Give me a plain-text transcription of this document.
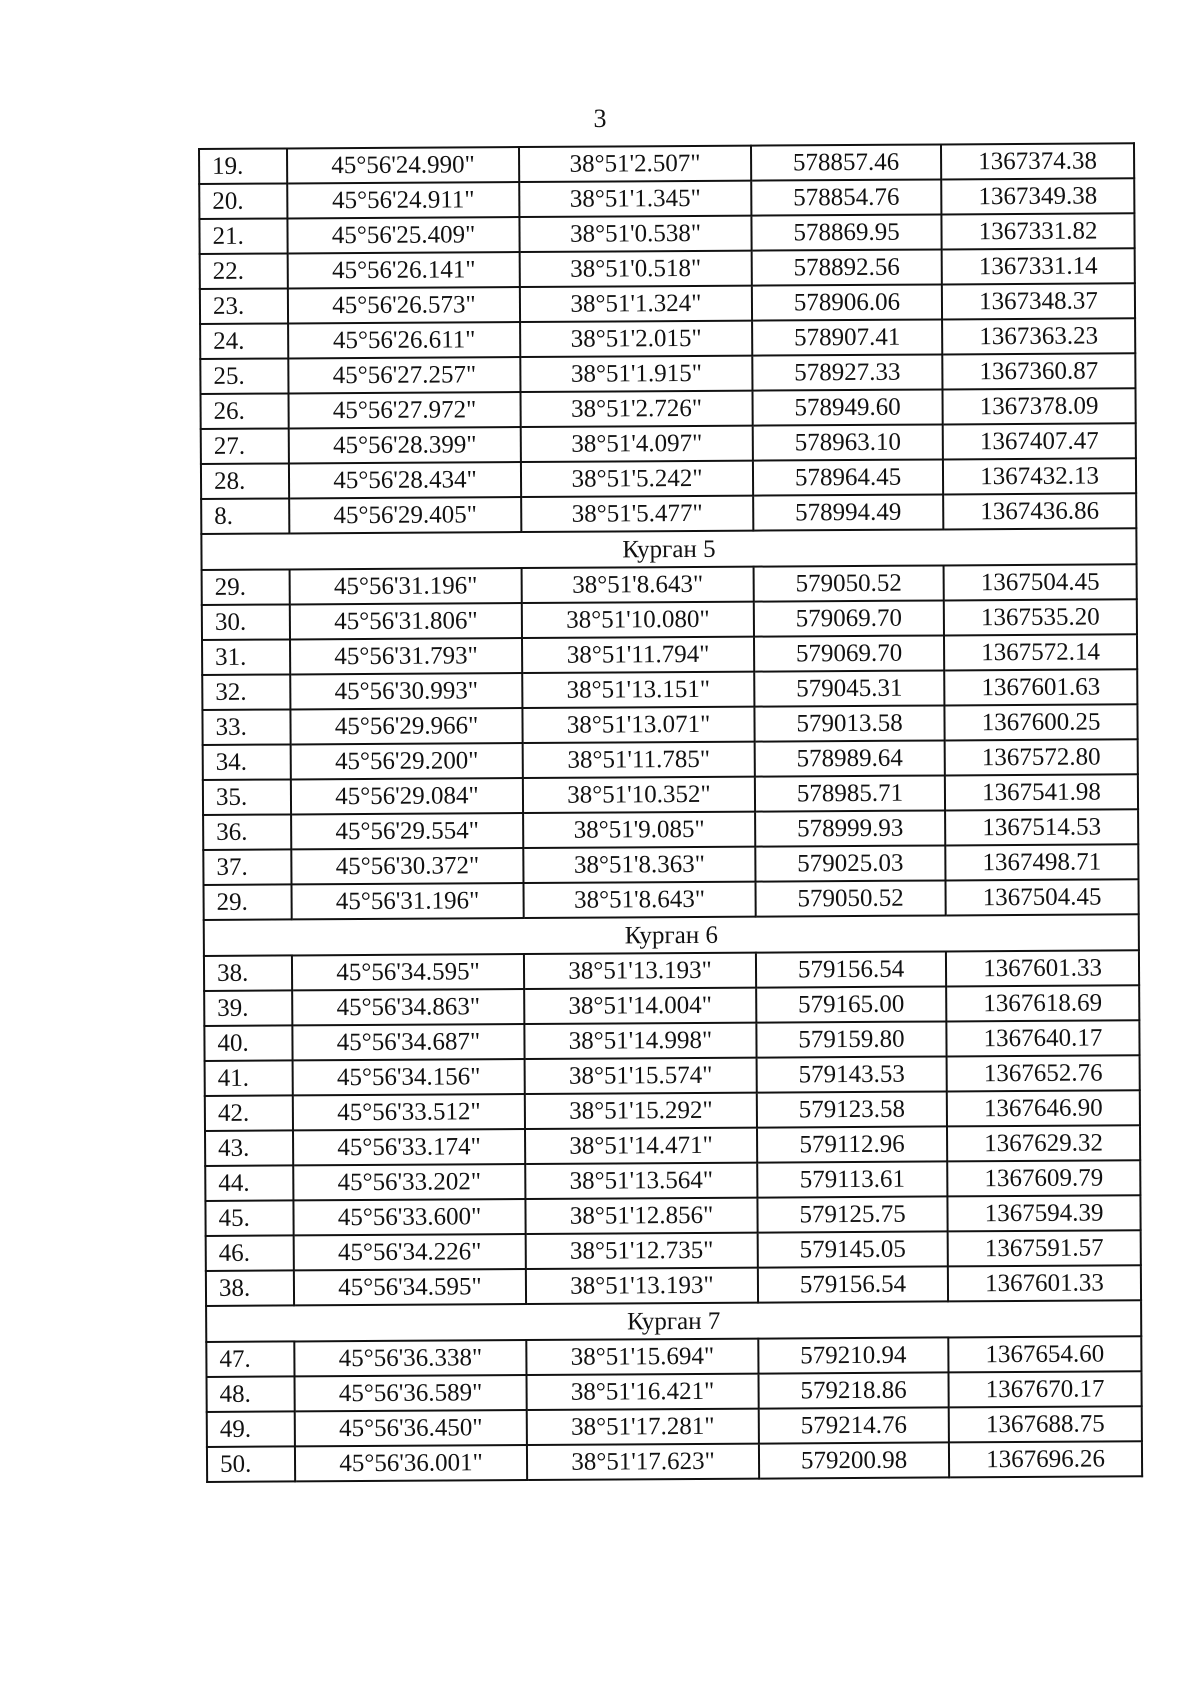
3
19.	45°56'24.990"	38°51'2.507"	578857.46	1367374.38
20.	45°56'24.911"	38°51'1.345"	578854.76	1367349.38
21.	45°56'25.409"	38°51'0.538"	578869.95	1367331.82
22.	45°56'26.141"	38°51'0.518"	578892.56	1367331.14
23.	45°56'26.573"	38°51'1.324"	578906.06	1367348.37
24.	45°56'26.611"	38°51'2.015"	578907.41	1367363.23
25.	45°56'27.257"	38°51'1.915"	578927.33	1367360.87
26.	45°56'27.972"	38°51'2.726"	578949.60	1367378.09
27.	45°56'28.399"	38°51'4.097"	578963.10	1367407.47
28.	45°56'28.434"	38°51'5.242"	578964.45	1367432.13
8.	45°56'29.405"	38°51'5.477"	578994.49	1367436.86
Курган 5				
29.	45°56'31.196"	38°51'8.643"	579050.52	1367504.45
30.	45°56'31.806"	38°51'10.080"	579069.70	1367535.20
31.	45°56'31.793"	38°51'11.794"	579069.70	1367572.14
32.	45°56'30.993"	38°51'13.151"	579045.31	1367601.63
33.	45°56'29.966"	38°51'13.071"	579013.58	1367600.25
34.	45°56'29.200"	38°51'11.785"	578989.64	1367572.80
35.	45°56'29.084"	38°51'10.352"	578985.71	1367541.98
36.	45°56'29.554"	38°51'9.085"	578999.93	1367514.53
37.	45°56'30.372"	38°51'8.363"	579025.03	1367498.71
29.	45°56'31.196"	38°51'8.643"	579050.52	1367504.45
Курган 6				
38.	45°56'34.595"	38°51'13.193"	579156.54	1367601.33
39.	45°56'34.863"	38°51'14.004"	579165.00	1367618.69
40.	45°56'34.687"	38°51'14.998"	579159.80	1367640.17
41.	45°56'34.156"	38°51'15.574"	579143.53	1367652.76
42.	45°56'33.512"	38°51'15.292"	579123.58	1367646.90
43.	45°56'33.174"	38°51'14.471"	579112.96	1367629.32
44.	45°56'33.202"	38°51'13.564"	579113.61	1367609.79
45.	45°56'33.600"	38°51'12.856"	579125.75	1367594.39
46.	45°56'34.226"	38°51'12.735"	579145.05	1367591.57
38.	45°56'34.595"	38°51'13.193"	579156.54	1367601.33
Курган 7				
47.	45°56'36.338"	38°51'15.694"	579210.94	1367654.60
48.	45°56'36.589"	38°51'16.421"	579218.86	1367670.17
49.	45°56'36.450"	38°51'17.281"	579214.76	1367688.75
50.	45°56'36.001"	38°51'17.623"	579200.98	1367696.26
